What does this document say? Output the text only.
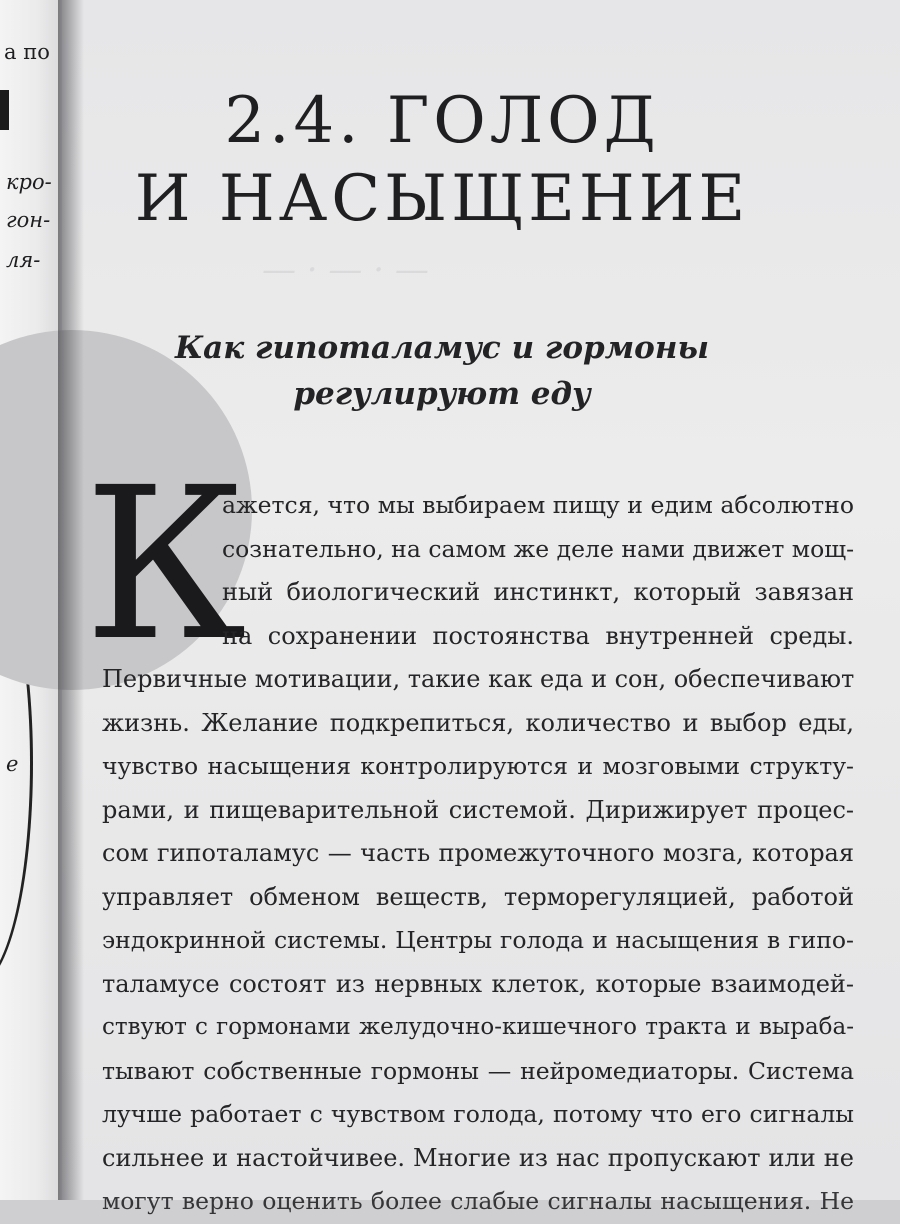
а по
кро-
гон-
ля-
е
— · — · —
2.4. ГОЛОД
И НАСЫЩЕНИЕ
Как гипоталамус и гормоны
регулируют еду
К
ажется, что мы выбираем пищу и едим абсолютно
сознательно, на самом же деле нами движет мощ-
ный биологический инстинкт, который завязан
на сохранении постоянства внутренней среды.
Первичные мотивации, такие как еда и сон, обеспечивают
жизнь. Желание подкрепиться, количество и выбор еды,
чувство насыщения контролируются и мозговыми структу-
рами, и пищеварительной системой. Дирижирует процес-
сом гипоталамус — часть промежуточного мозга, которая
управляет обменом веществ, терморегуляцией, работой
эндокринной системы. Центры голода и насыщения в гипо-
таламусе состоят из нервных клеток, которые взаимодей-
ствуют с гормонами желудочно-кишечного тракта и выраба-
тывают собственные гормоны — нейромедиаторы. Система
лучше работает с чувством голода, потому что его сигналы
сильнее и настойчивее. Многие из нас пропускают или не
могут верно оценить более слабые сигналы насыщения. Не
